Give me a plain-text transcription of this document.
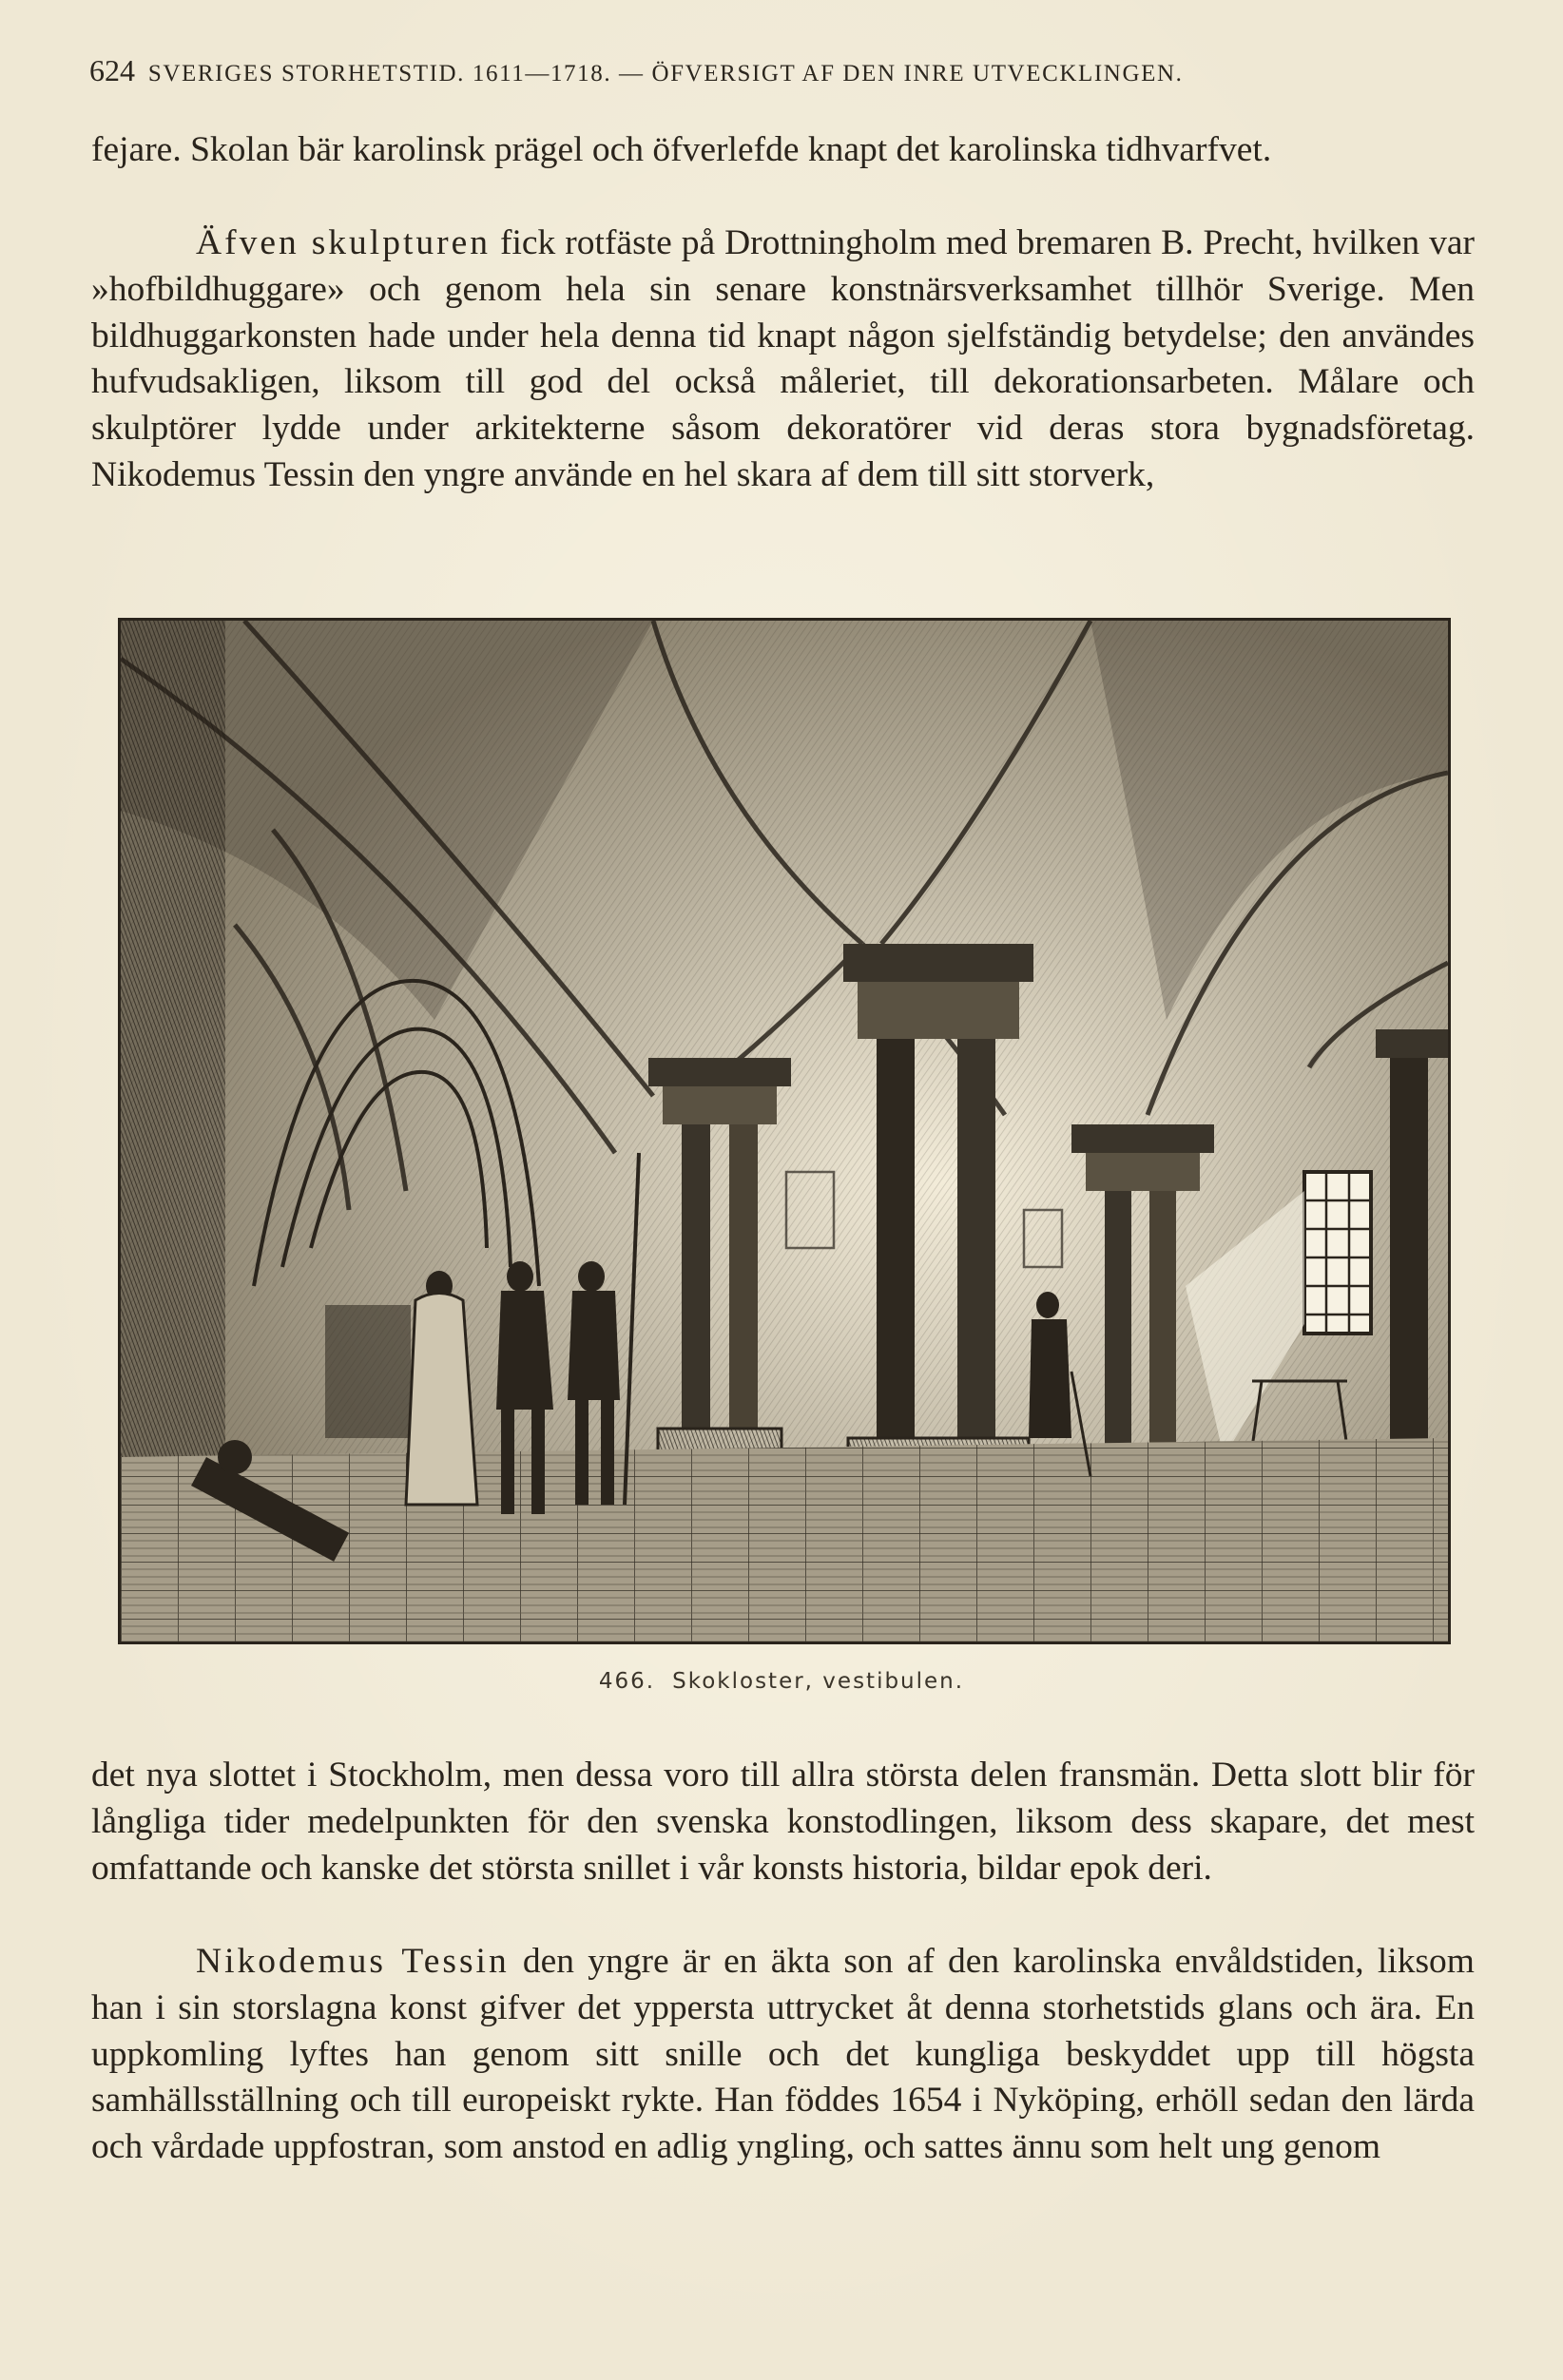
624 SVERIGES STORHETSTID. 1611—1718. — ÖFVERSIGT AF DEN INRE UTVECKLINGEN.

fejare. Skolan bär karolinsk prägel och öfverlefde knapt det karolinska tidhvarfvet.

Äfven skulpturen fick rotfäste på Drottningholm med bremaren B. Precht, hvilken var »hofbildhuggare» och genom hela sin senare konstnärsverksamhet tillhör Sverige. Men bildhuggarkonsten hade under hela denna tid knapt någon sjelfständig betydelse; den användes hufvudsakligen, liksom till god del också måleriet, till dekorationsarbeten. Målare och skulptörer lydde under arkitekterne såsom dekoratörer vid deras stora bygnadsföretag. Nikodemus Tessin den yngre använde en hel skara af dem till sitt storverk,

466. Skokloster, vestibulen.

det nya slottet i Stockholm, men dessa voro till allra största delen fransmän. Detta slott blir för långliga tider medelpunkten för den svenska konstodlingen, liksom dess skapare, det mest omfattande och kanske det största snillet i vår konsts historia, bildar epok deri.

Nikodemus Tessin den yngre är en äkta son af den karolinska envåldstiden, liksom han i sin storslagna konst gifver det yppersta uttrycket åt denna storhetstids glans och ära. En uppkomling lyftes han genom sitt snille och det kungliga beskyddet upp till högsta samhällsställning och till europeiskt rykte. Han föddes 1654 i Nyköping, erhöll sedan den lärda och vårdade uppfostran, som anstod en adlig yngling, och sattes ännu som helt ung genom
